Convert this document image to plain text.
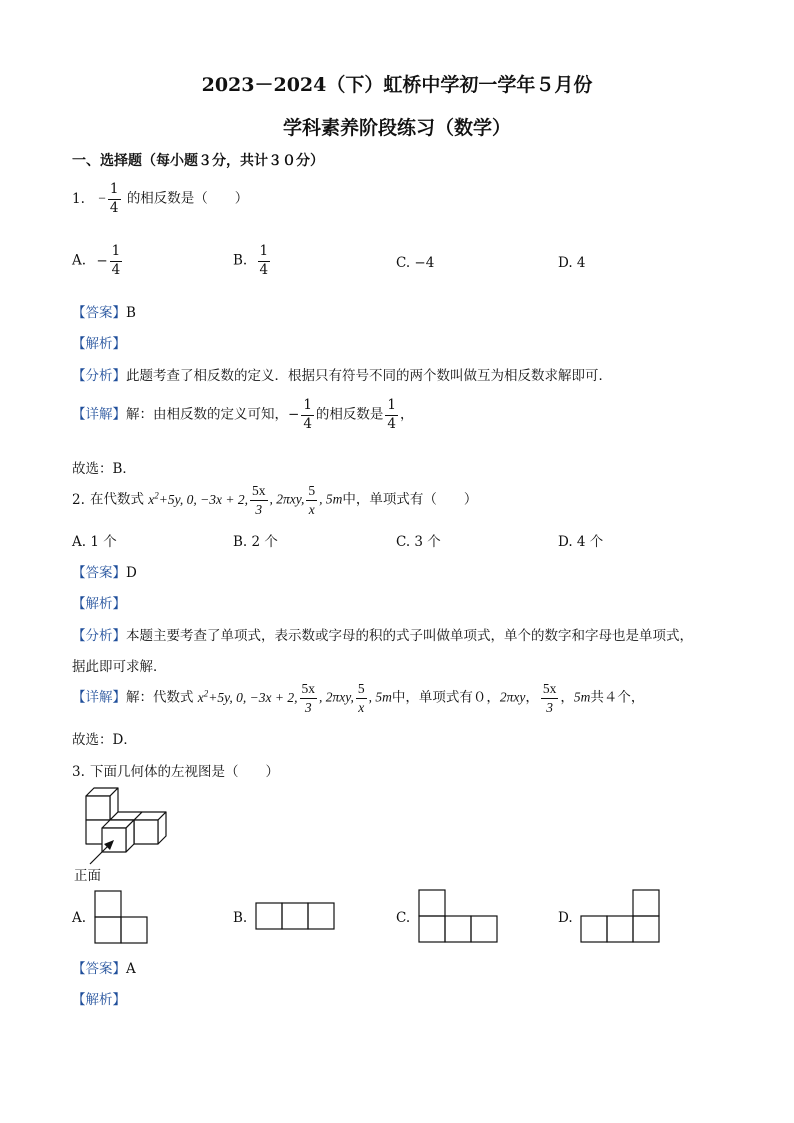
2023－2024（下）虹桥中学初一学年５月份
学科素养阶段练习（数学）
一、选择题（每小题３分，共计３０分）
1. − $\frac{1}{4}$ 的相反数是（　　）
A. − $\frac{1}{4}$	B. $\frac{1}{4}$	C. −4	D. 4
【答案】B
【解析】
【分析】此题考查了相反数的定义．根据只有符号不同的两个数叫做互为相反数求解即可．
【详解】解：由相反数的定义可知，− $\frac{1}{4}$ 的相反数是 $\frac{1}{4}$ ，
故选：B．
2. 在代数式 $x^2+5y$, 0, −3x + 2, $\frac{5x}{3}$ , 2πxy, $\frac{5}{x}$ , 5m中，单项式有（　　）
A. 1 个	B. 2 个	C. 3 个	D. 4 个
【答案】D
【解析】
【分析】本题主要考查了单项式，表示数或字母的积的式子叫做单项式，单个的数字和字母也是单项式，
据此即可求解．
【详解】解：代数式 $x^2+5y$, 0, −3x + 2, $\frac{5x}{3}$ , 2πxy, $\frac{5}{x}$ , 5m中，单项式有０，2πxy， $\frac{5x}{3}$ ，5m共４个，
故选：D．
3. 下面几何体的左视图是（　　）
正面
A.	B.	C.	D.
【答案】A
【解析】
